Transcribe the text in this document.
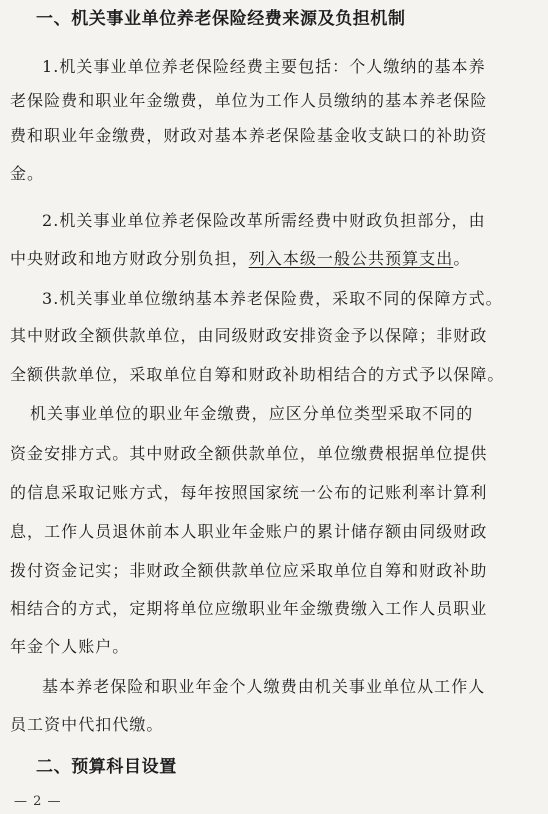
一、机关事业单位养老保险经费来源及负担机制
1.机关事业单位养老保险经费主要包括：个人缴纳的基本养
老保险费和职业年金缴费，单位为工作人员缴纳的基本养老保险
费和职业年金缴费，财政对基本养老保险基金收支缺口的补助资
金。
2.机关事业单位养老保险改革所需经费中财政负担部分，由
中央财政和地方财政分别负担，列入本级一般公共预算支出。
3.机关事业单位缴纳基本养老保险费，采取不同的保障方式。
其中财政全额供款单位，由同级财政安排资金予以保障；非财政
全额供款单位，采取单位自筹和财政补助相结合的方式予以保障。
机关事业单位的职业年金缴费，应区分单位类型采取不同的
资金安排方式。其中财政全额供款单位，单位缴费根据单位提供
的信息采取记账方式，每年按照国家统一公布的记账利率计算利
息，工作人员退休前本人职业年金账户的累计储存额由同级财政
拨付资金记实；非财政全额供款单位应采取单位自筹和财政补助
相结合的方式，定期将单位应缴职业年金缴费缴入工作人员职业
年金个人账户。
基本养老保险和职业年金个人缴费由机关事业单位从工作人
员工资中代扣代缴。
二、预算科目设置
— 2 —
